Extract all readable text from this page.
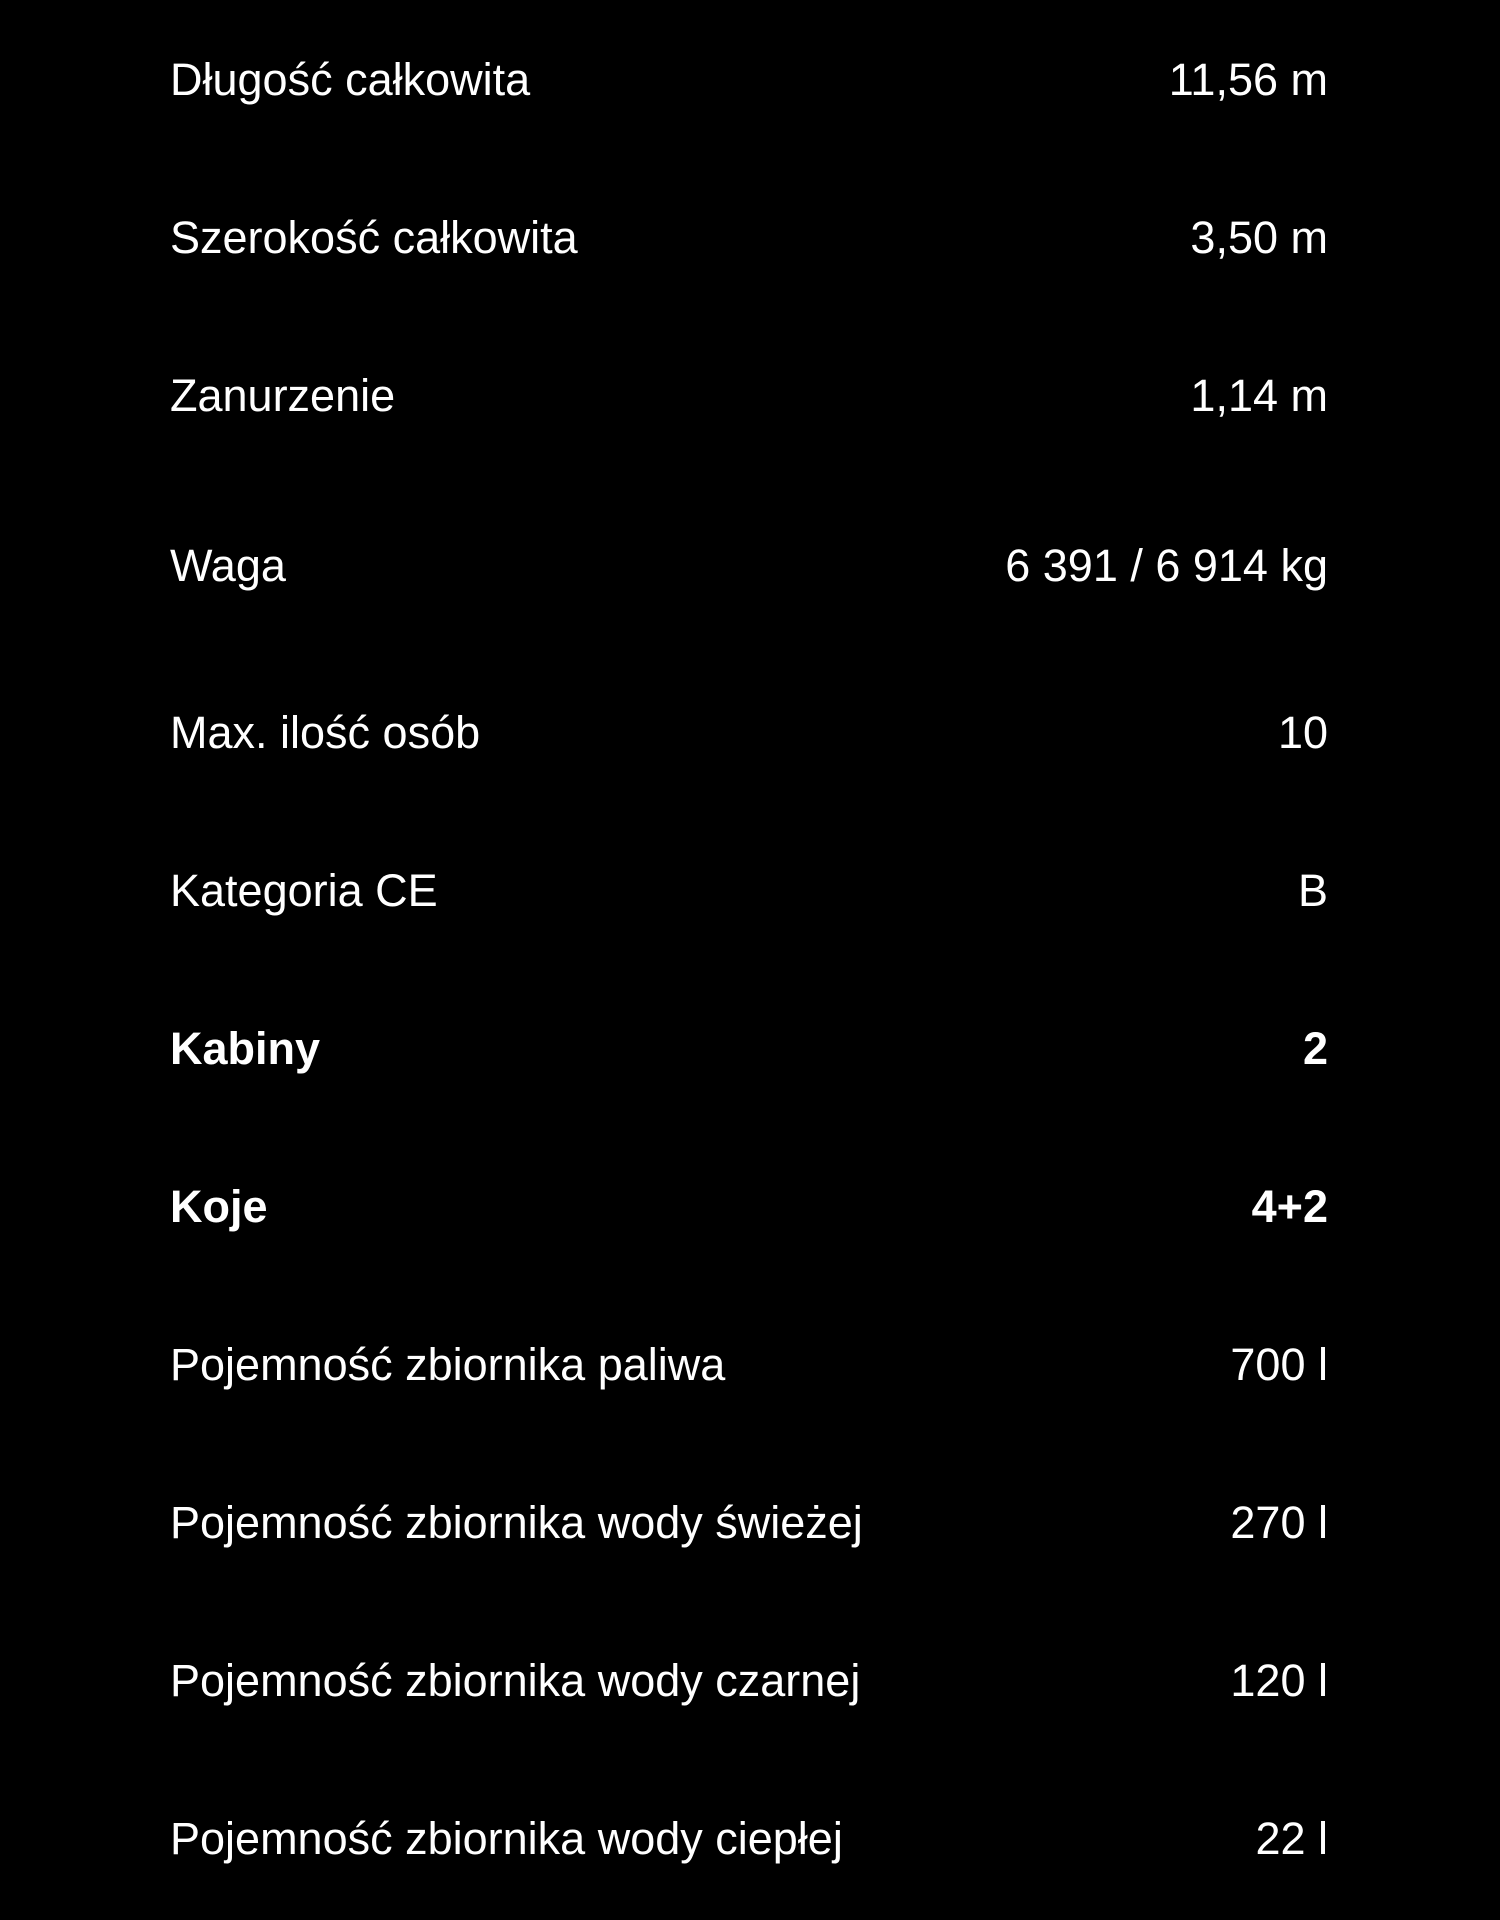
Długość całkowita	11,56 m
Szerokość całkowita	3,50 m
Zanurzenie	1,14 m
Waga	6 391 / 6 914 kg
Max. ilość osób	10
Kategoria CE	B
Kabiny	2
Koje	4+2
Pojemność zbiornika paliwa	700 l
Pojemność zbiornika wody świeżej	270 l
Pojemność zbiornika wody czarnej	120 l
Pojemność zbiornika wody ciepłej	22 l
